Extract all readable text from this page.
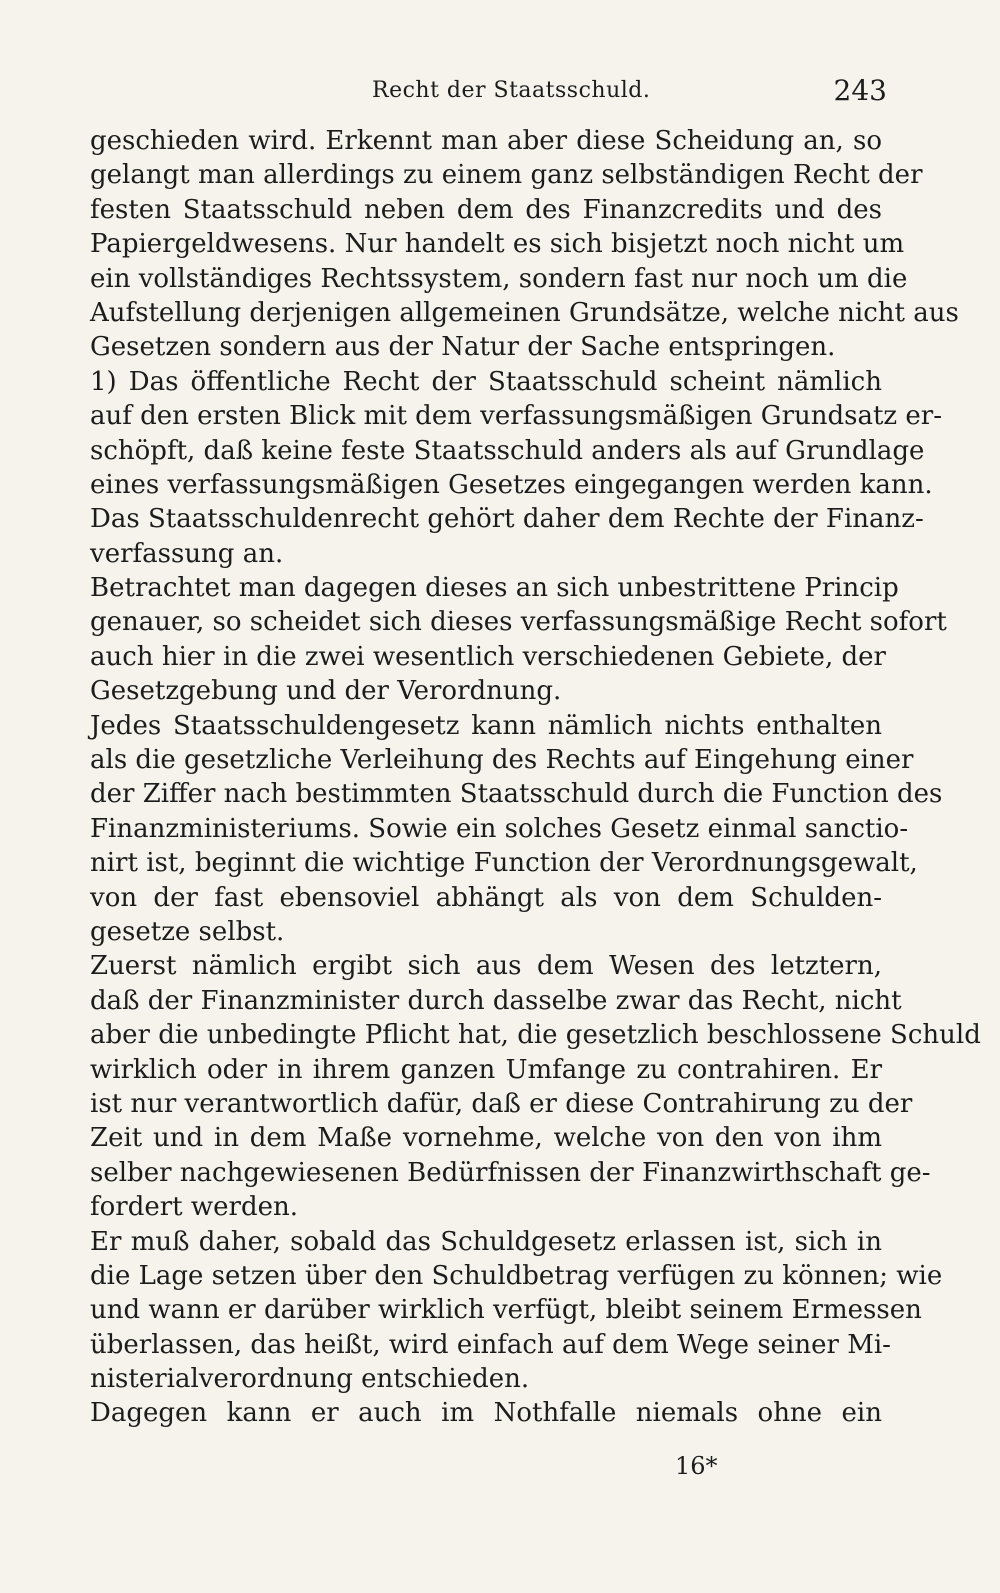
Recht der Staatsschuld.	243
geschieden wird. Erkennt man aber diese Scheidung an, so
gelangt man allerdings zu einem ganz selbständigen Recht der
festen Staatsschuld neben dem des Finanzcredits und des
Papiergeldwesens. Nur handelt es sich bisjetzt noch nicht um
ein vollständiges Rechtssystem, sondern fast nur noch um die
Aufstellung derjenigen allgemeinen Grundsätze, welche nicht aus
Gesetzen sondern aus der Natur der Sache entspringen.
1) Das öffentliche Recht der Staatsschuld scheint nämlich
auf den ersten Blick mit dem verfassungsmäßigen Grundsatz er-
schöpft, daß keine feste Staatsschuld anders als auf Grundlage
eines verfassungsmäßigen Gesetzes eingegangen werden kann.
Das Staatsschuldenrecht gehört daher dem Rechte der Finanz-
verfassung an.
Betrachtet man dagegen dieses an sich unbestrittene Princip
genauer, so scheidet sich dieses verfassungsmäßige Recht sofort
auch hier in die zwei wesentlich verschiedenen Gebiete, der
Gesetzgebung und der Verordnung.
Jedes Staatsschuldengesetz kann nämlich nichts enthalten
als die gesetzliche Verleihung des Rechts auf Eingehung einer
der Ziffer nach bestimmten Staatsschuld durch die Function des
Finanzministeriums. Sowie ein solches Gesetz einmal sanctio-
nirt ist, beginnt die wichtige Function der Verordnungsgewalt,
von der fast ebensoviel abhängt als von dem Schulden-
gesetze selbst.
Zuerst nämlich ergibt sich aus dem Wesen des letztern,
daß der Finanzminister durch dasselbe zwar das Recht, nicht
aber die unbedingte Pflicht hat, die gesetzlich beschlossene Schuld
wirklich oder in ihrem ganzen Umfange zu contrahiren. Er
ist nur verantwortlich dafür, daß er diese Contrahirung zu der
Zeit und in dem Maße vornehme, welche von den von ihm
selber nachgewiesenen Bedürfnissen der Finanzwirthschaft ge-
fordert werden.
Er muß daher, sobald das Schuldgesetz erlassen ist, sich in
die Lage setzen über den Schuldbetrag verfügen zu können; wie
und wann er darüber wirklich verfügt, bleibt seinem Ermessen
überlassen, das heißt, wird einfach auf dem Wege seiner Mi-
nisterialverordnung entschieden.
Dagegen kann er auch im Nothfalle niemals ohne ein
16*
